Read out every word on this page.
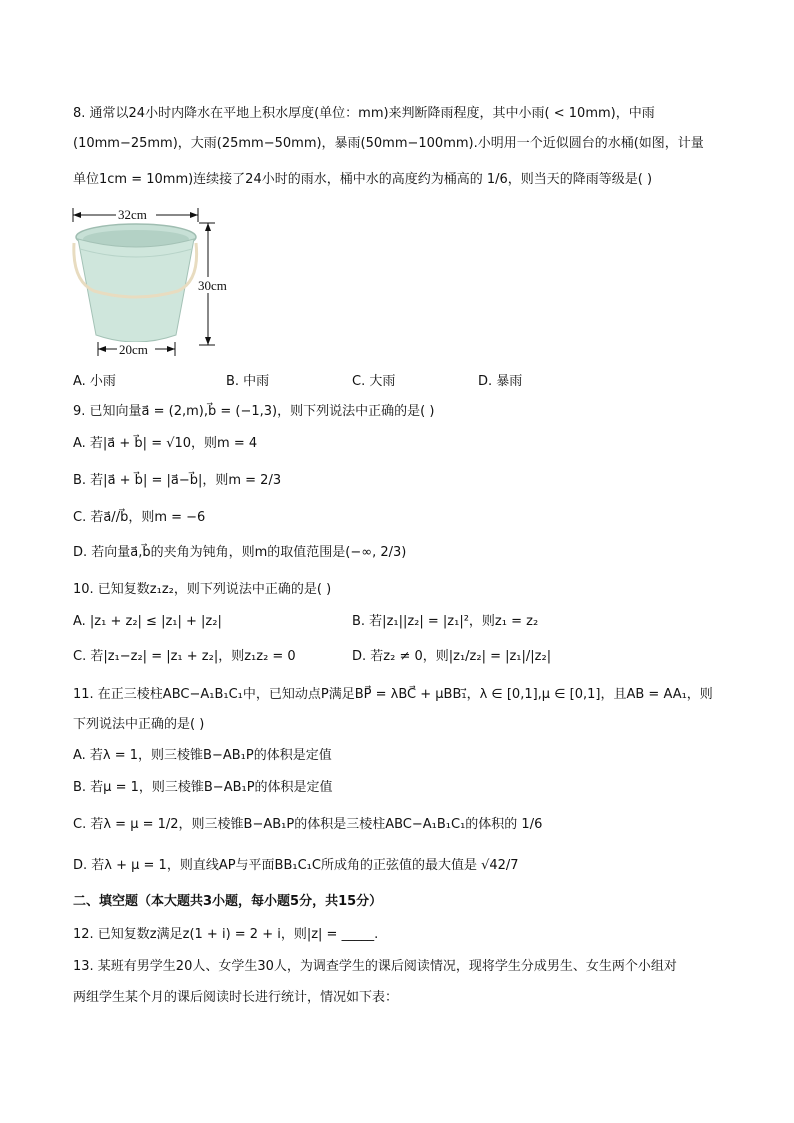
8. 通常以24小时内降水在平地上积水厚度(单位：mm)来判断降雨程度，其中小雨( < 10mm)，中雨
(10mm−25mm)，大雨(25mm−50mm)，暴雨(50mm−100mm).小明用一个近似圆台的水桶(如图，计量
单位1cm = 10mm)连续接了24小时的雨水，桶中水的高度约为桶高的 1/6，则当天的降雨等级是( )
32cm
30cm
20cm
A. 小雨	B. 中雨	C. 大雨	D. 暴雨
9. 已知向量a⃗ = (2,m),b⃗ = (−1,3)，则下列说法中正确的是( )
A. 若|a⃗ + b⃗| = √10，则m = 4
B. 若|a⃗ + b⃗| = |a⃗−b⃗|，则m = 2/3
C. 若a⃗//b⃗，则m = −6
D. 若向量a⃗,b⃗的夹角为钝角，则m的取值范围是(−∞, 2/3)
10. 已知复数z₁z₂，则下列说法中正确的是( )
A. |z₁ + z₂| ≤ |z₁| + |z₂|	B. 若|z₁||z₂| = |z₁|²，则z₁ = z₂
C. 若|z₁−z₂| = |z₁ + z₂|，则z₁z₂ = 0	D. 若z₂ ≠ 0，则|z₁/z₂| = |z₁|/|z₂|
11. 在正三棱柱ABC−A₁B₁C₁中，已知动点P满足BP⃗ = λBC⃗ + μBB₁⃗，λ ∈ [0,1],μ ∈ [0,1]，且AB = AA₁，则
下列说法中正确的是( )
A. 若λ = 1，则三棱锥B−AB₁P的体积是定值
B. 若μ = 1，则三棱锥B−AB₁P的体积是定值
C. 若λ = μ = 1/2，则三棱锥B−AB₁P的体积是三棱柱ABC−A₁B₁C₁的体积的 1/6
D. 若λ + μ = 1，则直线AP与平面BB₁C₁C所成角的正弦值的最大值是 √42/7
二、填空题（本大题共3小题，每小题5分，共15分）
12. 已知复数z满足z(1 + i) = 2 + i，则|z| = _____.
13. 某班有男学生20人、女学生30人，为调查学生的课后阅读情况，现将学生分成男生、女生两个小组对
两组学生某个月的课后阅读时长进行统计，情况如下表：
